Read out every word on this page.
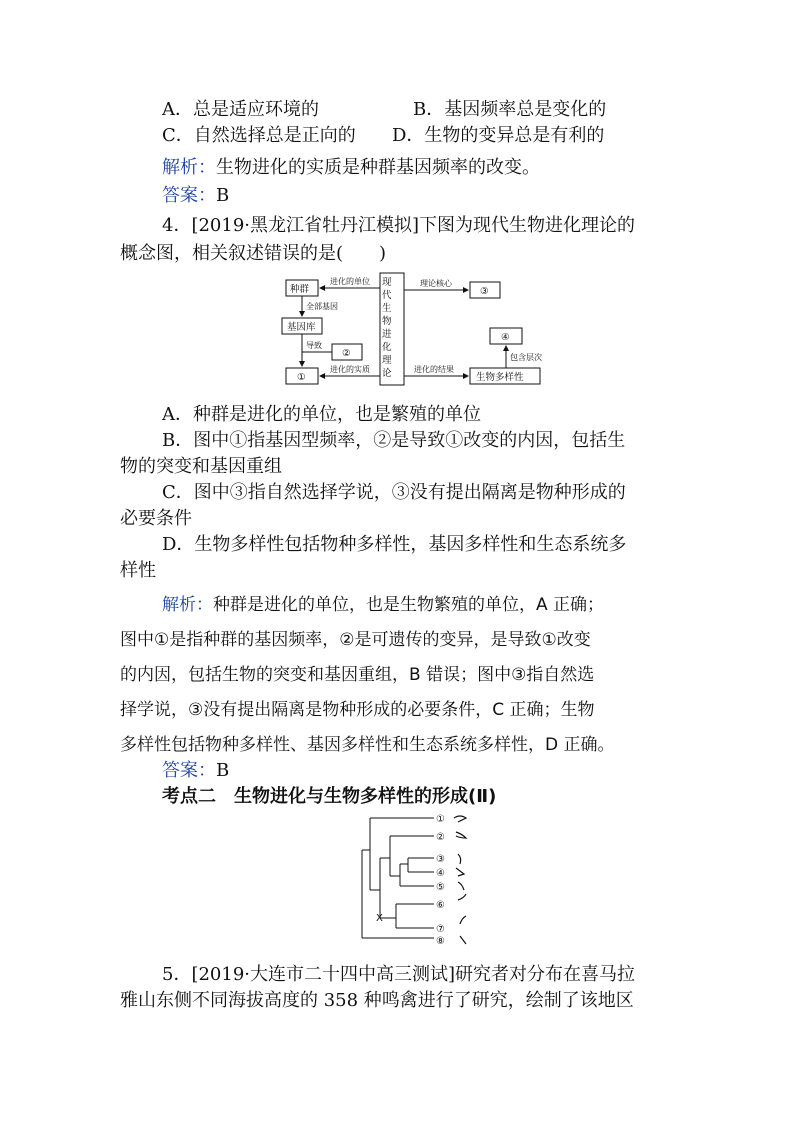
A．总是适应环境的	B．基因频率总是变化的
C．自然选择总是正向的 D．生物的变异总是有利的
解析：生物进化的实质是种群基因频率的改变。
答案：B
4．[2019·黑龙江省牡丹江模拟]下图为现代生物进化理论的
概念图，相关叙述错误的是(　　)
现
代
生
物
进
化
理
论
种群
基因库
②
①
③
④
生物多样性
进化的单位
全部基因
导致
进化的实质
理论核心
进化的结果
包含层次
A．种群是进化的单位，也是繁殖的单位
B．图中①指基因型频率，②是导致①改变的内因，包括生
物的突变和基因重组
C．图中③指自然选择学说，③没有提出隔离是物种形成的
必要条件
D．生物多样性包括物种多样性，基因多样性和生态系统多
样性
解析：种群是进化的单位，也是生物繁殖的单位，A 正确；
图中①是指种群的基因频率，②是可遗传的变异，是导致①改变
的内因，包括生物的突变和基因重组，B 错误；图中③指自然选
择学说，③没有提出隔离是物种形成的必要条件，C 正确；生物
多样性包括物种多样性、基因多样性和生态系统多样性，D 正确。
答案：B
考点二　生物进化与生物多样性的形成(Ⅱ)
X
①
②
③
④
⑤
⑥
⑦
⑧
5．[2019·大连市二十四中高三测试]研究者对分布在喜马拉
雅山东侧不同海拔高度的 358 种鸣禽进行了研究，绘制了该地区
